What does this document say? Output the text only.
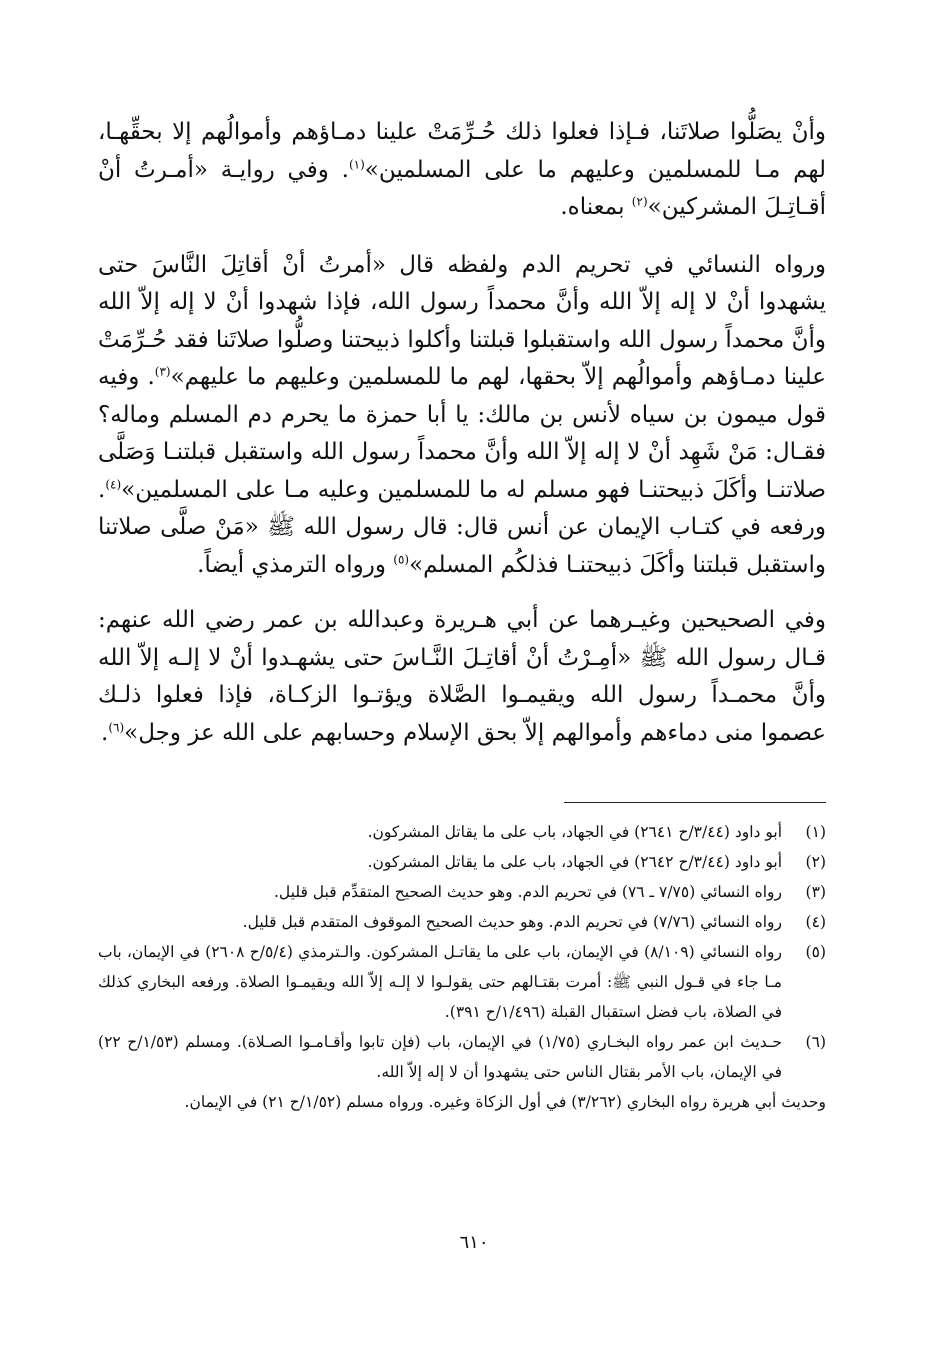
وأنْ يصَلُّوا صلاتَنا، فـإذا فعلوا ذلك حُـرِّمَتْ علينا دمـاؤهم وأموالُهم إلا بحقِّهـا، لهم مـا للمسلمين وعليهم ما على المسلمين»$^{(١)}$. وفي روايـة «أمـرتُ أنْ أقـاتِـلَ المشركين»$^{(٢)}$ بمعناه.

ورواه النسائي في تحريم الدم ولفظه قال «أمرتُ أنْ أقاتِلَ النَّاسَ حتى يشهدوا أنْ لا إله إلاّ الله وأنَّ محمداً رسول الله، فإذا شهدوا أنْ لا إله إلاّ الله وأنَّ محمداً رسول الله واستقبلوا قبلتنا وأكلوا ذبيحتنا وصلُّوا صلاتَنا فقد حُـرِّمَتْ علينا دمـاؤهم وأموالُهم إلاّ بحقها، لهم ما للمسلمين وعليهم ما عليهم»$^{(٣)}$. وفيه قول ميمون بن سياه لأنس بن مالك: يا أبا حمزة ما يحرم دم المسلم وماله؟ فقـال: مَنْ شَهِد أنْ لا إله إلاّ الله وأنَّ محمداً رسول الله واستقبل قبلتنـا وَصَلَّى صلاتنـا وأكَلَ ذبيحتنـا فهو مسلم له ما للمسلمين وعليه مـا على المسلمين»$^{(٤)}$. ورفعه في كتـاب الإيمان عن أنس قال: قال رسول الله ﷺ «مَنْ صلَّى صلاتنا واستقبل قبلتنا وأكَلَ ذبيحتنـا فذلكُم المسلم»$^{(٥)}$ ورواه الترمذي أيضاً.

وفي الصحيحين وغيـرهما عن أبي هـريرة وعبدالله بن عمر رضي الله عنهم: قـال رسول الله ﷺ «أمِـرْتُ أنْ أقاتِـلَ النَّـاسَ حتى يشهـدوا أنْ لا إلـه إلاّ الله وأنَّ محمـداً رسول الله ويقيمـوا الصَّلاة ويؤتـوا الزكـاة، فإذا فعلوا ذلـك عصموا منى دماءهم وأموالهم إلاّ بحق الإسلام وحسابهم على الله عز وجل»$^{(٦)}$.

(١)
أبو داود (٣/٤٤/ح ٢٦٤١) في الجهاد، باب على ما يقاتل المشركون.
(٢)
أبو داود (٣/٤٤/ح ٢٦٤٢) في الجهاد، باب على ما يقاتل المشركون.
(٣)
رواه النسائي (٧/٧٥ ـ ٧٦) في تحريم الدم. وهو حديث الصحيح المتقدِّم قبل قليل.
(٤)
رواه النسائي (٧/٧٦) في تحريم الدم. وهو حديث الصحيح الموقوف المتقدم قبل قليل.
(٥)
رواه النسائي (٨/١٠٩) في الإيمان، باب على ما يقاتـل المشركون. والـترمذي (٥/٤/ح ٢٦٠٨) في الإيمان، باب مـا جاء في قـول النبي ﷺ: أمرت بقتـالهم حتى يقولـوا لا إلـه إلاّ الله ويقيمـوا الصلاة. ورفعه البخاري كذلك في الصلاة، باب فضل استقبال القبلة (١/٤٩٦/ح ٣٩١).
(٦)
حـديث ابن عمر رواه البخـاري (١/٧٥) في الإيمان، باب (فإن تابوا وأقـامـوا الصـلاة). ومسلم (١/٥٣/ح ٢٢) في الإيمان، باب الأمر بقتال الناس حتى يشهدوا أن لا إله إلاّ الله.
وحديث أبي هريرة رواه البخاري (٣/٢٦٢) في أول الزكاة وغيره. ورواه مسلم (١/٥٢/ح ٢١) في الإيمان.
٦١٠
